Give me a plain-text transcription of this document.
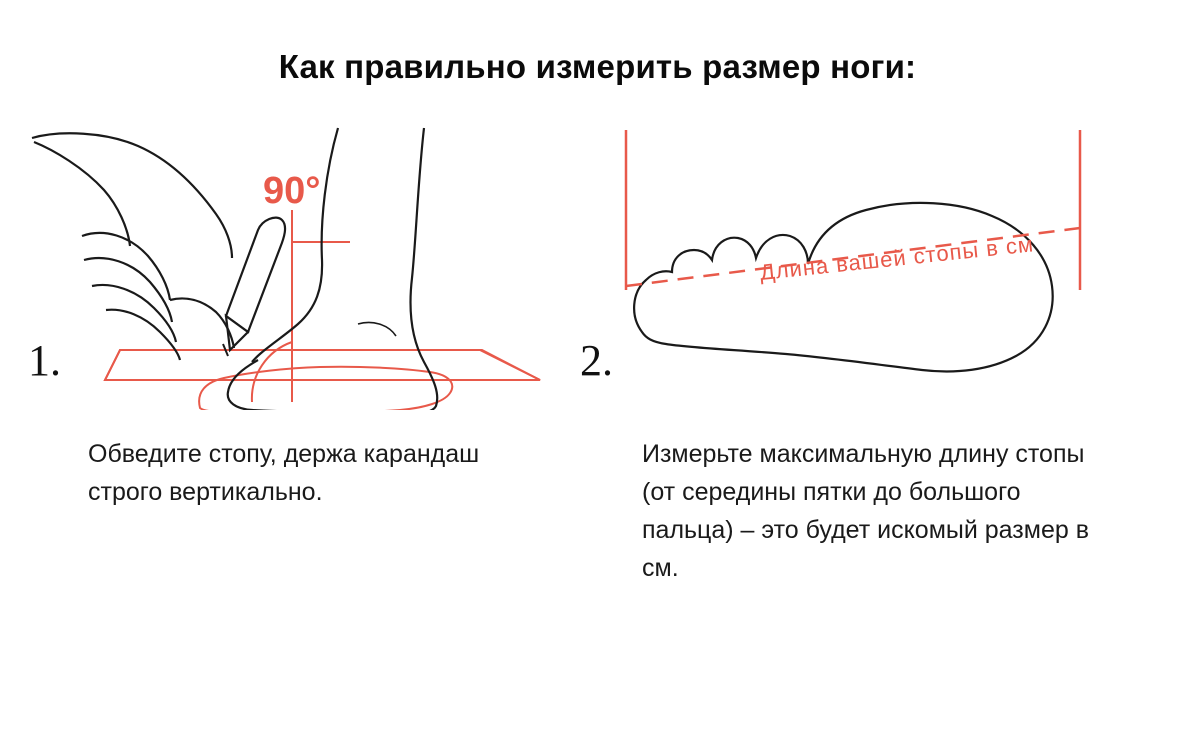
Как правильно измерить размер ноги:
90°
1.
Обведите стопу, держа карандаш строго вертикально.
Длина вашей стопы в см
2.
Измерьте максимальную длину стопы (от середины пятки до большого пальца) – это будет искомый размер в см.
